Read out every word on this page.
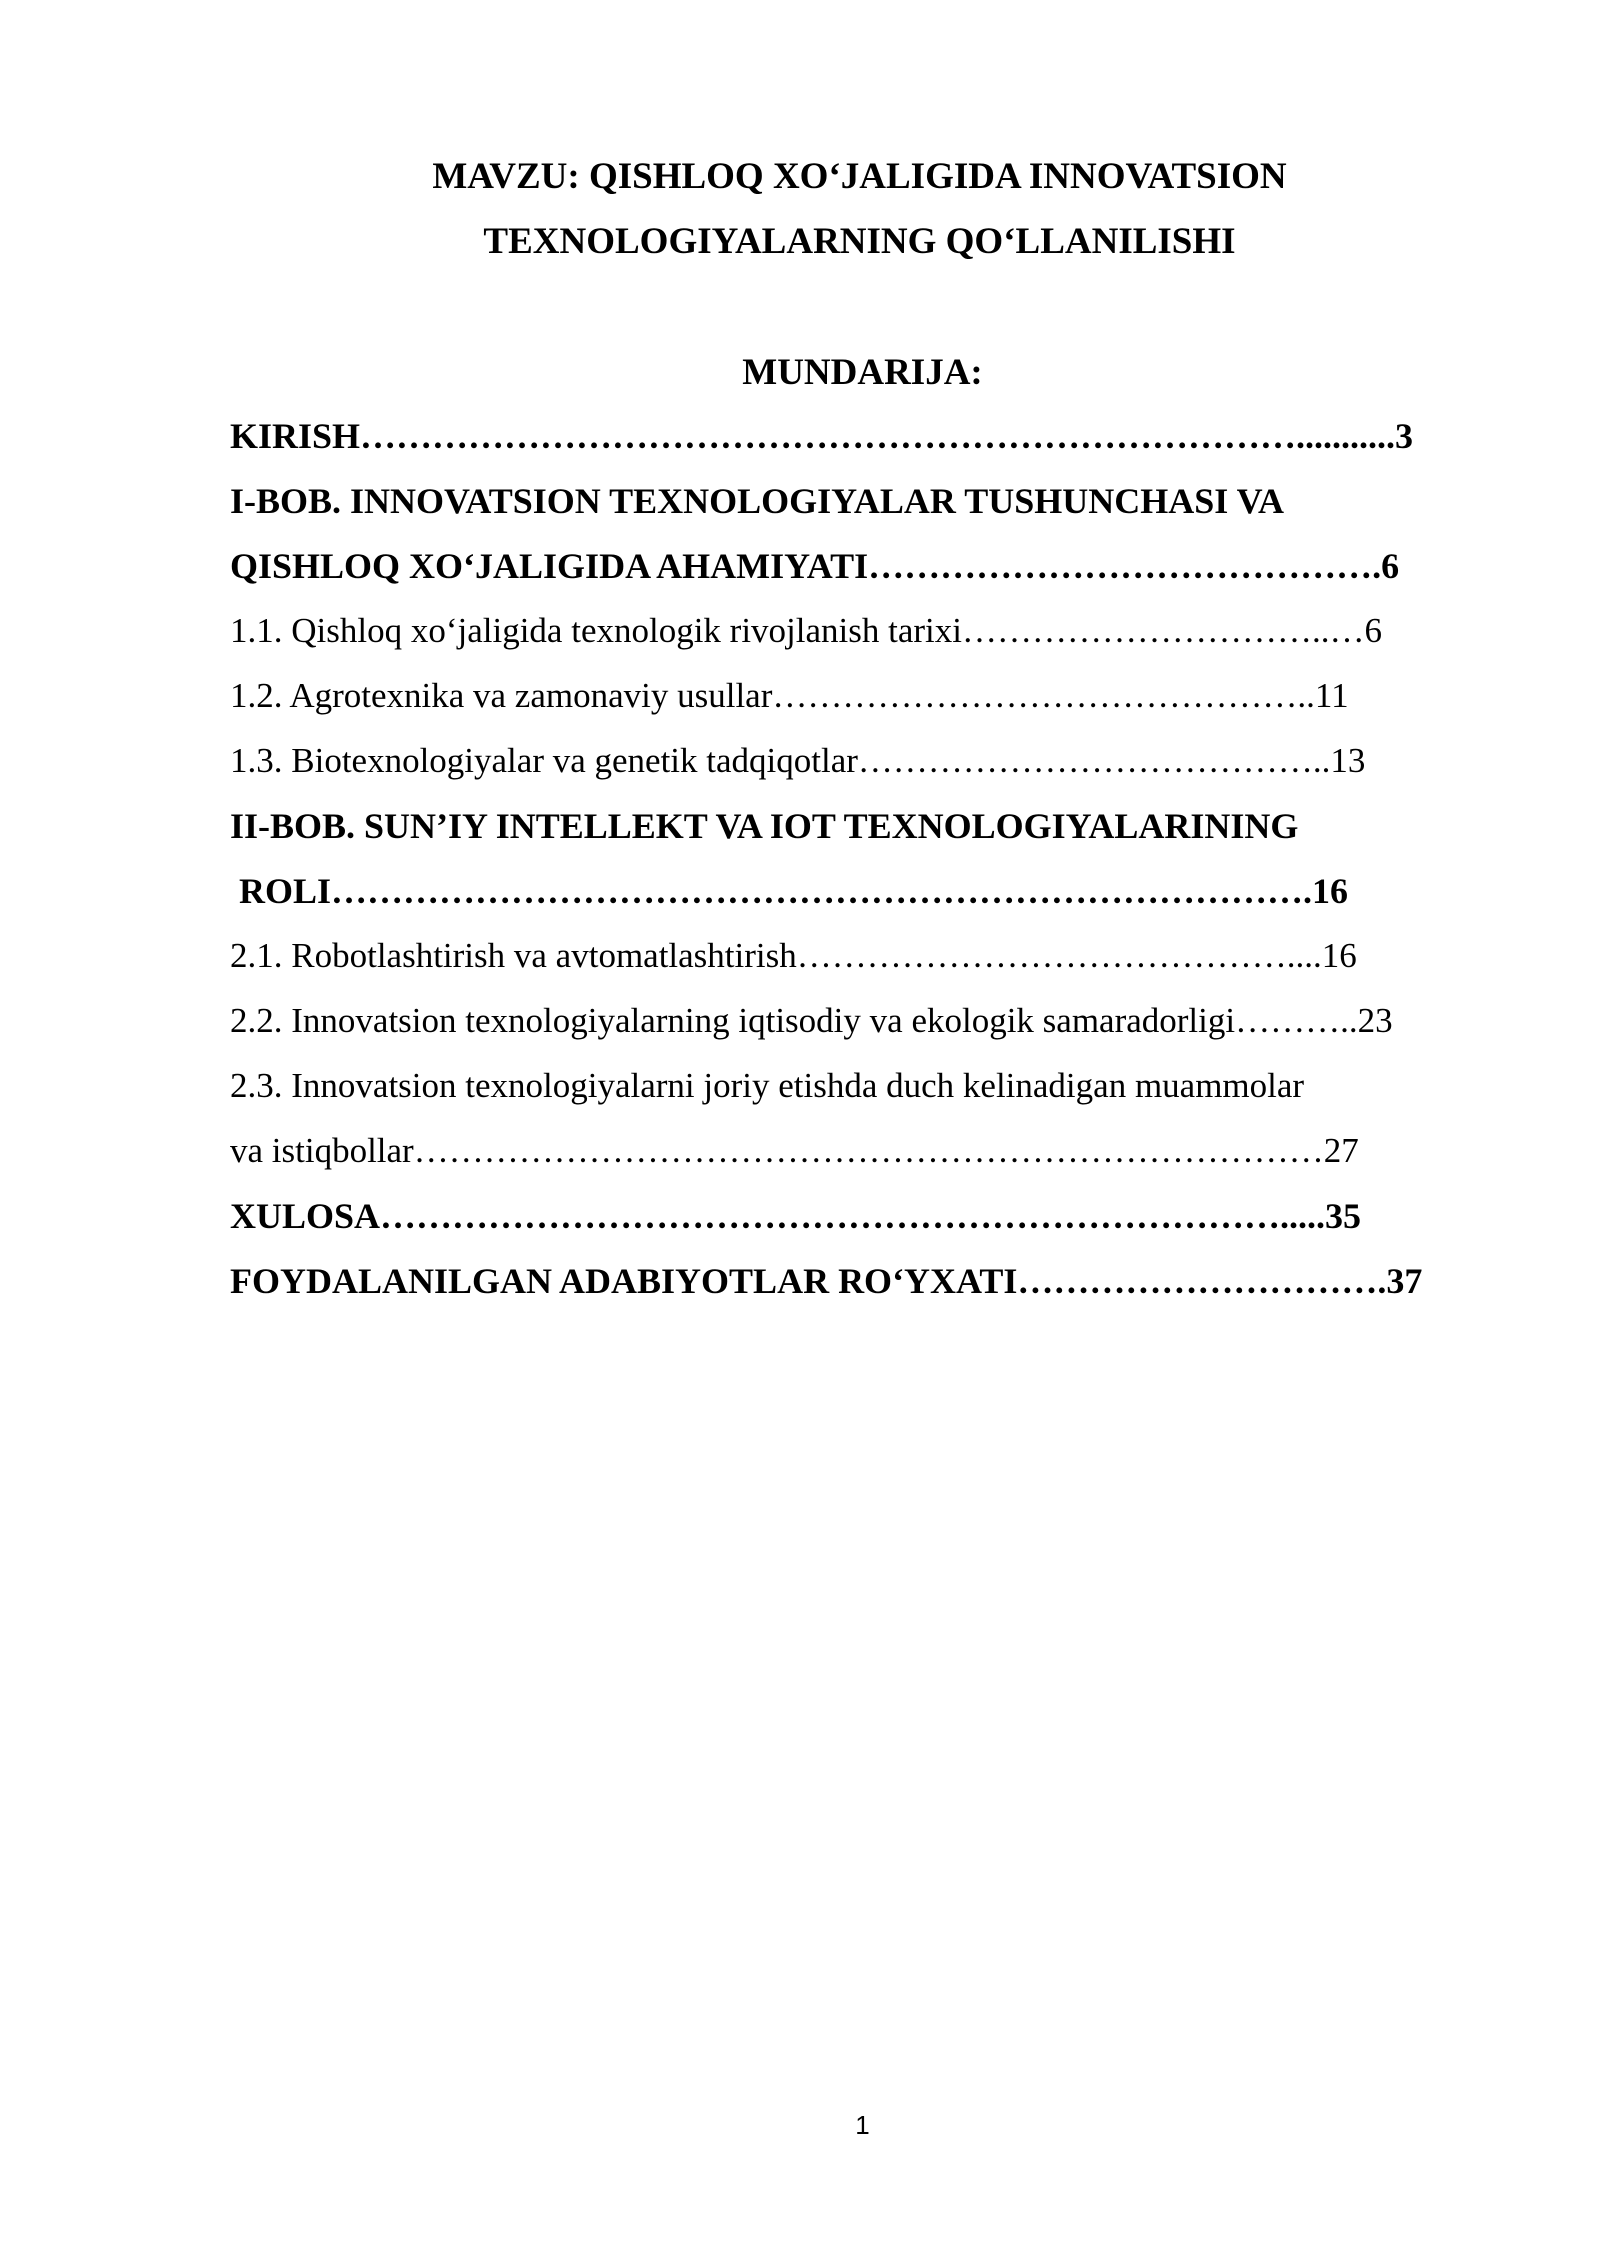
MAVZU: QISHLOQ XO‘JALIGIDA INNOVATSION
TEXNOLOGIYALARNING QO‘LLANILISHI
MUNDARIJA:
KIRISH……………………………………………………………………...........3
I-BOB. INNOVATSION TEXNOLOGIYALAR TUSHUNCHASI VA
QISHLOQ XO‘JALIGIDA AHAMIYATI…………………………………….6
1.1. Qishloq xo‘jaligida texnologik rivojlanish tarixi…………………………..…6
1.2. Agrotexnika va zamonaviy usullar………………………………………..11
1.3. Biotexnologiyalar va genetik tadqiqotlar…………………………………..13
II-BOB. SUN’IY INTELLEKT VA IOT TEXNOLOGIYALARINING
ROLI……………………………………………………………………….16
2.1. Robotlashtirish va avtomatlashtirish……………………………………....16
2.2. Innovatsion texnologiyalarning iqtisodiy va ekologik samaradorligi………..23
2.3. Innovatsion texnologiyalarni joriy etishda duch kelinadigan muammolar
va istiqbollar……………………………………………………………………27
XULOSA………………………………………………………………….....35
FOYDALANILGAN ADABIYOTLAR RO‘YXATI………………………….37
1
